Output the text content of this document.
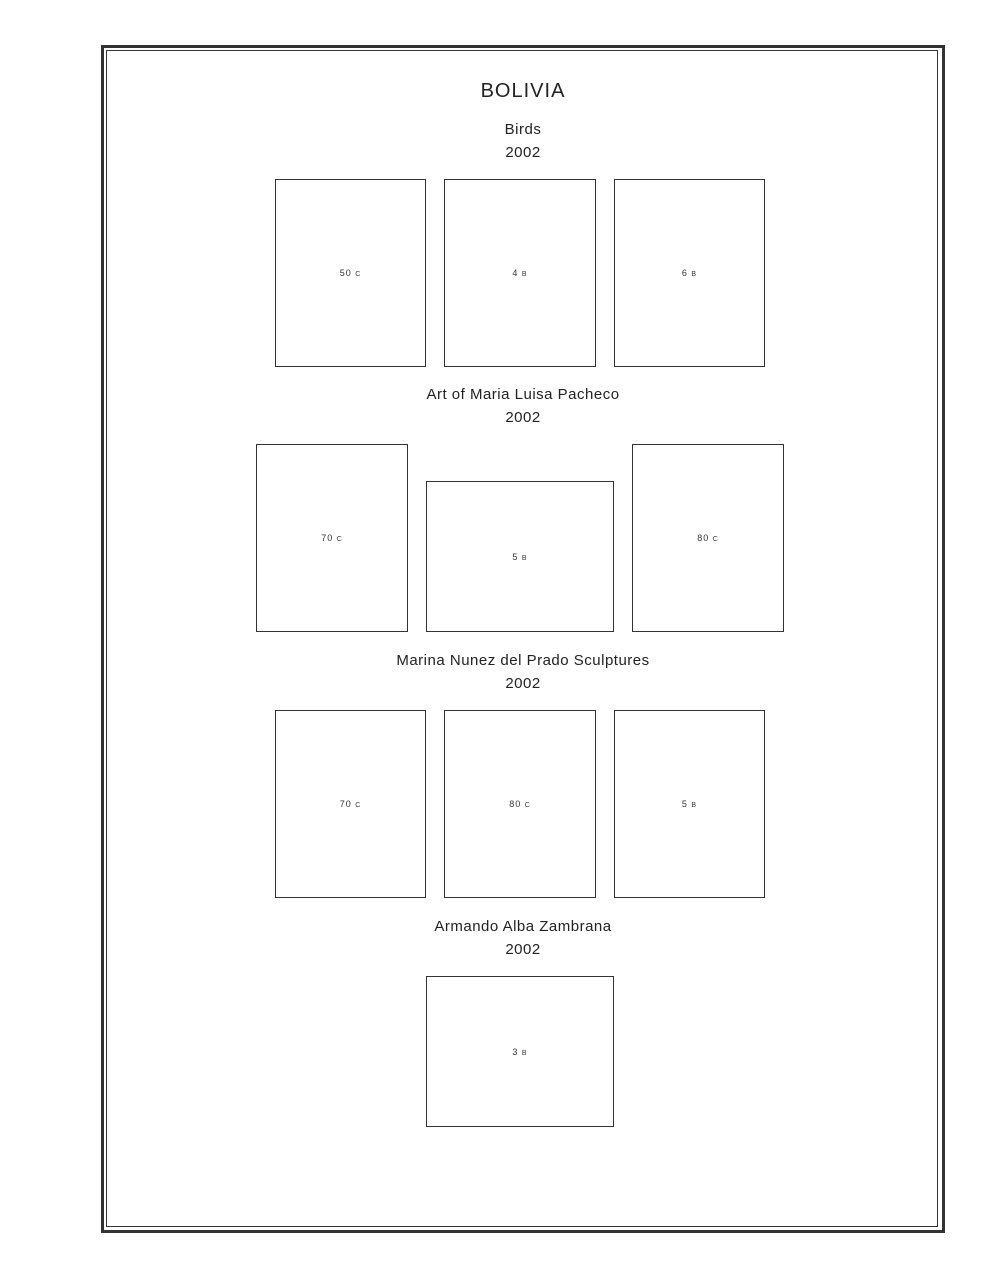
BOLIVIA
Birds
2002
50 C	4 B	6 B
Art of Maria Luisa Pacheco
2002
70 C
5 B
80 C
Marina Nunez del Prado Sculptures
2002
70 C	80 C	5 B
Armando Alba Zambrana
2002
3 B
